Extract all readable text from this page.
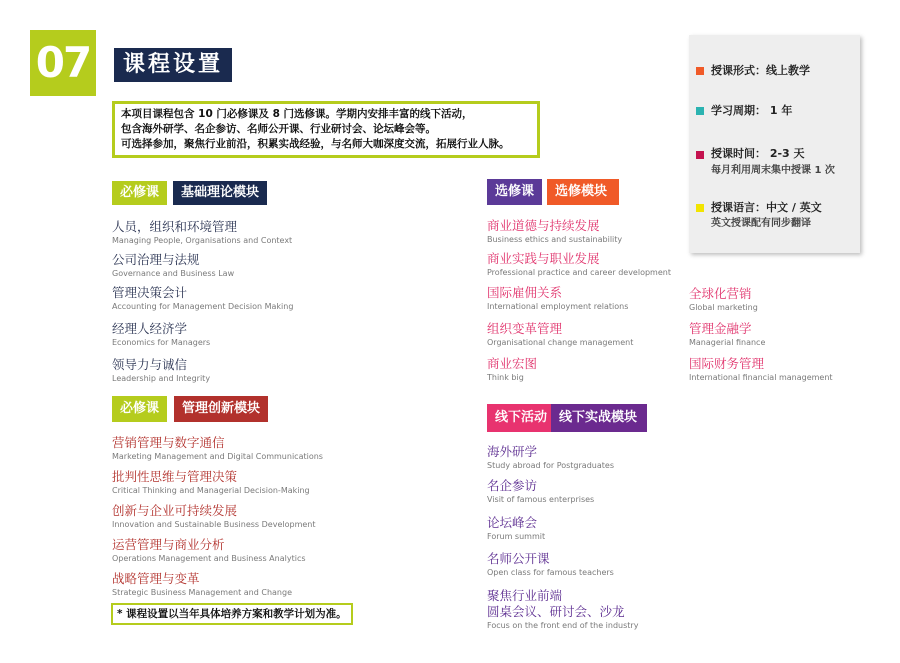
07	课程设置
本项目课程包含 10 门必修课及 8 门选修课。学期内安排丰富的线下活动，
包含海外研学、名企参访、名师公开课、行业研讨会、论坛峰会等。
可选择参加，聚焦行业前沿，积累实战经验，与名师大咖深度交流，拓展行业人脉。
必修课	基础理论模块
人员，组织和环境管理
Managing People, Organisations and Context
公司治理与法规
Governance and Business Law
管理决策会计
Accounting for Management Decision Making
经理人经济学
Economics for Managers
领导力与诚信
Leadership and Integrity
必修课	管理创新模块
营销管理与数字通信
Marketing Management and Digital Communications
批判性思维与管理决策
Critical Thinking and Managerial Decision-Making
创新与企业可持续发展
Innovation and Sustainable Business Development
运营管理与商业分析
Operations Management and Business Analytics
战略管理与变革
Strategic Business Management and Change
* 课程设置以当年具体培养方案和教学计划为准。
选修课	选修模块
商业道德与持续发展
Business ethics and sustainability
商业实践与职业发展
Professional practice and career development
国际雇佣关系
International employment relations
组织变革管理
Organisational change management
商业宏图
Think big
全球化营销
Global marketing
管理金融学
Managerial finance
国际财务管理
International financial management
线下活动 线下实战模块
海外研学
Study abroad for Postgraduates
名企参访
Visit of famous enterprises
论坛峰会
Forum summit
名师公开课
Open class for famous teachers
聚焦行业前端
圆桌会议、研讨会、沙龙
Focus on the front end of the industry
授课形式：线上教学
学习周期： 1 年
授课时间： 2-3 天
每月利用周末集中授课 1 次
授课语言：中文 / 英文
英文授课配有同步翻译
